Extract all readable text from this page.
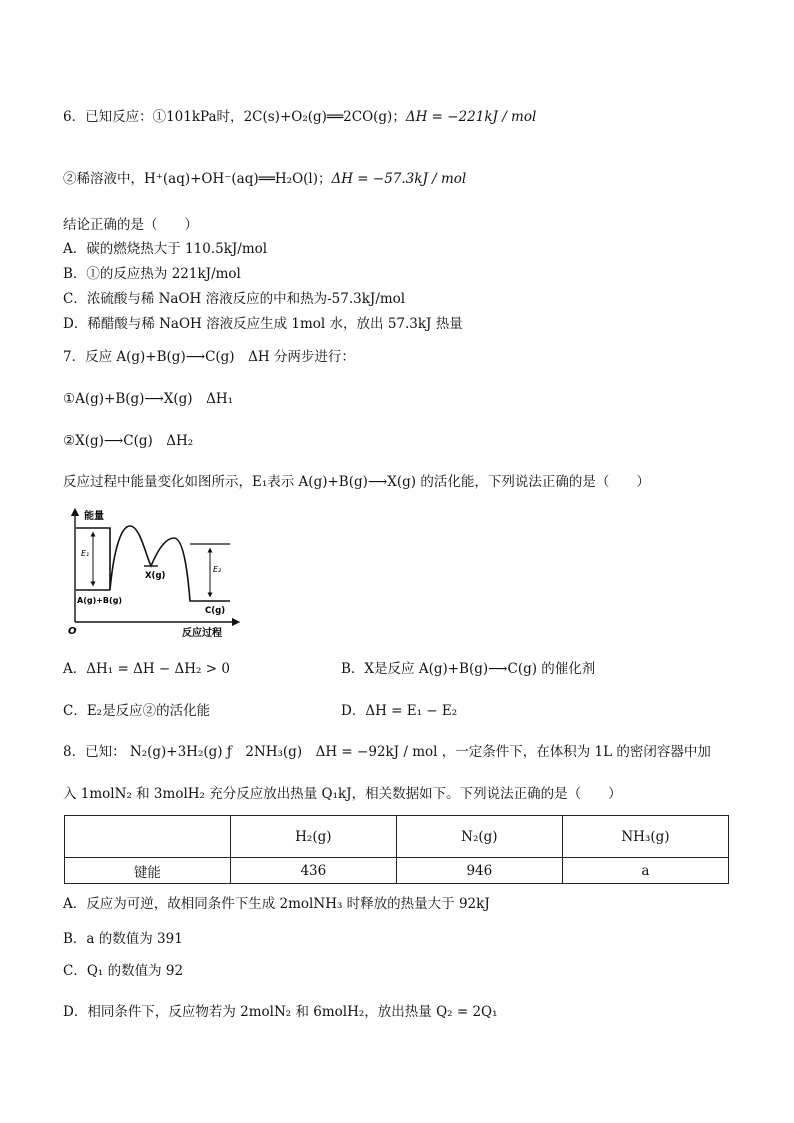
6．已知反应：①101kPa时，2C(s)+O₂(g)══2CO(g)；ΔH = −221kJ / mol
②稀溶液中，H⁺(aq)+OH⁻(aq)══H₂O(l)；ΔH = −57.3kJ / mol
结论正确的是（　　）
A．碳的燃烧热大于 110.5kJ/mol
B．①的反应热为 221kJ/mol
C．浓硫酸与稀 NaOH 溶液反应的中和热为-57.3kJ/mol
D．稀醋酸与稀 NaOH 溶液反应生成 1mol 水，放出 57.3kJ 热量
7．反应 A(g)+B(g)⟶C(g)　ΔH 分两步进行：
①A(g)+B(g)⟶X(g)　ΔH₁
②X(g)⟶C(g)　ΔH₂
反应过程中能量变化如图所示，E₁表示 A(g)+B(g)⟶X(g) 的活化能，下列说法正确的是（　　）
能量
反应过程
O
E₁
E₂
X(g)
A(g)+B(g)
C(g)
A．ΔH₁ = ΔH − ΔH₂ > 0	B．X是反应 A(g)+B(g)⟶C(g) 的催化剂
C．E₂是反应②的活化能	D．ΔH = E₁ − E₂
8．已知： N₂(g)+3H₂(g) ƒ　2NH₃(g)　ΔH = −92kJ / mol ，一定条件下，在体积为 1L 的密闭容器中加
入 1molN₂ 和 3molH₂ 充分反应放出热量 Q₁kJ，相关数据如下。下列说法正确的是（　　）
	H₂(g)	N₂(g)	NH₃(g)
键能	436	946	a
A．反应为可逆，故相同条件下生成 2molNH₃ 时释放的热量大于 92kJ
B．a 的数值为 391
C．Q₁ 的数值为 92
D．相同条件下，反应物若为 2molN₂ 和 6molH₂，放出热量 Q₂ = 2Q₁
